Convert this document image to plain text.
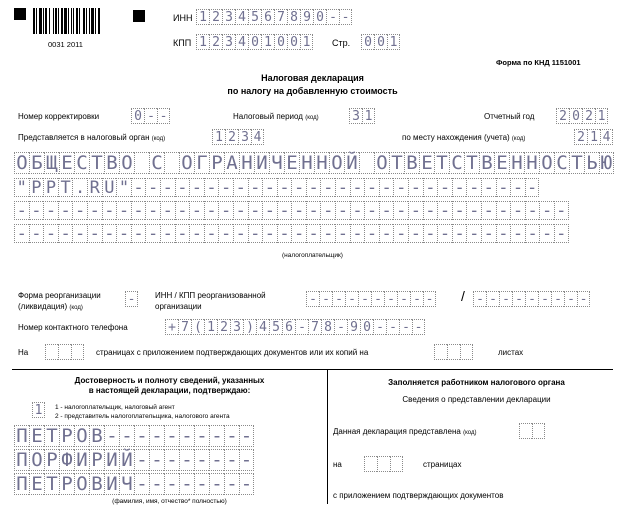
0031 2011
ИНН 1 2 3 4 5 6 7 8 9 0 - -
КПП 1 2 3 4 0 1 0 0 1 Стр. 0 0 1
Форма по КНД 1151001
Налоговая декларация
по налогу на добавленную стоимость
Номер корректировки	0 - -	Налоговый период (код)	3 1	Отчетный год 2 0 2 1
Представляется в налоговый орган (код)	1 2 3 4	по месту нахождения (учета) (код)	2 1 4
О Б Щ Е С Т В О С О Г Р А Н И Ч Е Н Н О Й О Т В Е Т С Т В Е Н Н О С Т Ь Ю
" P P T . R U " - - - - - - - - - - - - - - - - - - - - - - - - - - - -
- - - - - - - - - - - - - - - - - - - - - - - - - - - - - - - - - - - - - -
- - - - - - - - - - - - - - - - - - - - - - - - - - - - - - - - - - - - - -
(налогоплательщик)
Форма реорганизации
(ликвидация) (код)
-	ИНН / КПП реорганизованной
организации	- - - - - - - - - - / - - - - - - - - -
Номер контактного телефона	+ 7 ( 1 2 3 ) 4 5 6 - 7 8 - 9 0 - - - -
На	страницах с приложением подтверждающих документов или их копий на	листах
Достоверность и полноту сведений, указанных
в настоящей декларации, подтверждаю:
1	1 - налогоплательщик, налоговый агент
2 - представитель налогоплательщика, налогового агента
П Е Т Р О В - - - - - - - - - -
П О Р Ф И Р И Й - - - - - - - -
П Е Т Р О В И Ч - - - - - - - -
(фамилия, имя, отчество* полностью)
Заполняется работником налогового органа
Сведения о представлении декларации
Данная декларация представлена (код)
на	страницах
с приложением подтверждающих документов
